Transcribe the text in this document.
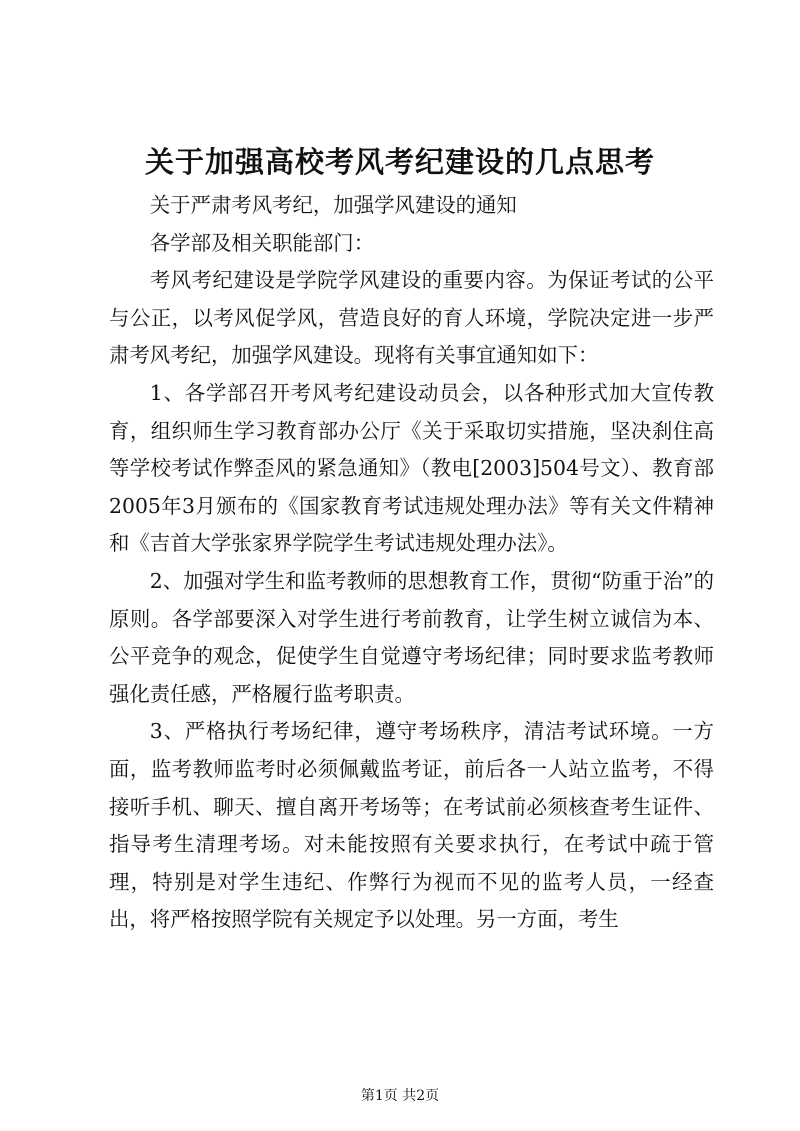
关于加强高校考风考纪建设的几点思考

关于严肃考风考纪，加强学风建设的通知

各学部及相关职能部门：

考风考纪建设是学院学风建设的重要内容。为保证考试的公平与公正，以考风促学风，营造良好的育人环境，学院决定进一步严肃考风考纪，加强学风建设。现将有关事宜通知如下：

1、各学部召开考风考纪建设动员会，以各种形式加大宣传教育，组织师生学习教育部办公厅《关于采取切实措施，坚决刹住高等学校考试作弊歪风的紧急通知》（教电[2003]504号文）、教育部2005年3月颁布的《国家教育考试违规处理办法》等有关文件精神和《吉首大学张家界学院学生考试违规处理办法》。

2、加强对学生和监考教师的思想教育工作，贯彻“防重于治”的原则。各学部要深入对学生进行考前教育，让学生树立诚信为本、公平竞争的观念，促使学生自觉遵守考场纪律；同时要求监考教师强化责任感，严格履行监考职责。

3、严格执行考场纪律，遵守考场秩序，清洁考试环境。一方面，监考教师监考时必须佩戴监考证，前后各一人站立监考，不得接听手机、聊天、擅自离开考场等；在考试前必须核查考生证件、指导考生清理考场。对未能按照有关要求执行，在考试中疏于管理，特别是对学生违纪、作弊行为视而不见的监考人员，一经查出，将严格按照学院有关规定予以处理。另一方面，考生

第1页 共2页
